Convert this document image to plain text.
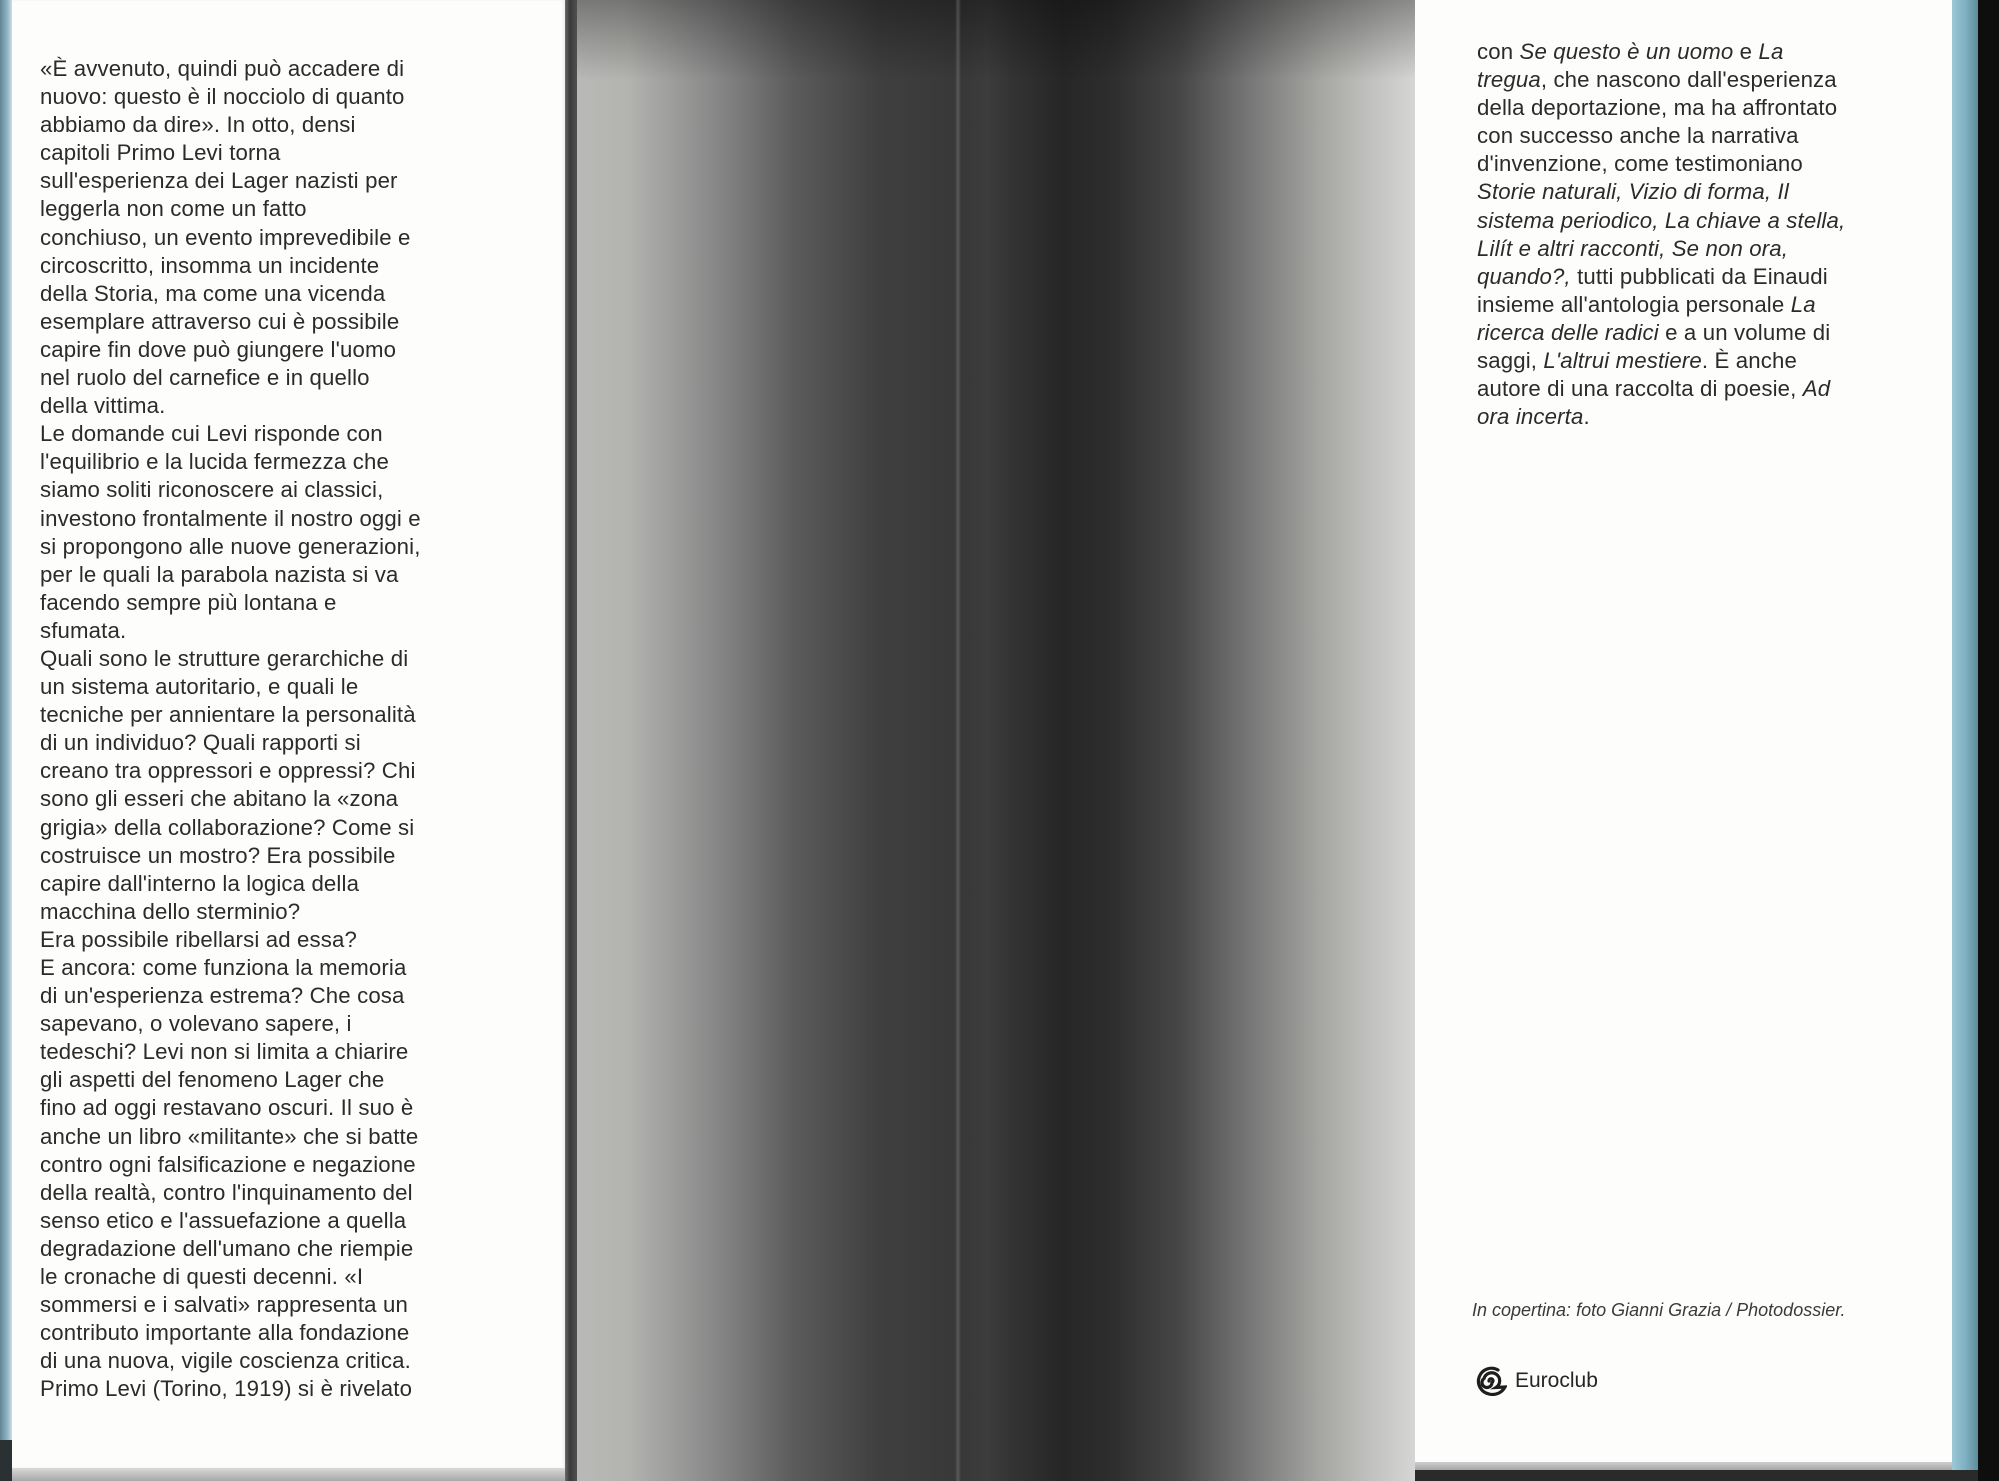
«È avvenuto, quindi può accadere di
nuovo: questo è il nocciolo di quanto
abbiamo da dire». In otto, densi
capitoli Primo Levi torna
sull'esperienza dei Lager nazisti per
leggerla non come un fatto
conchiuso, un evento imprevedibile e
circoscritto, insomma un incidente
della Storia, ma come una vicenda
esemplare attraverso cui è possibile
capire fin dove può giungere l'uomo
nel ruolo del carnefice e in quello
della vittima.
Le domande cui Levi risponde con
l'equilibrio e la lucida fermezza che
siamo soliti riconoscere ai classici,
investono frontalmente il nostro oggi e
si propongono alle nuove generazioni,
per le quali la parabola nazista si va
facendo sempre più lontana e
sfumata.
Quali sono le strutture gerarchiche di
un sistema autoritario, e quali le
tecniche per annientare la personalità
di un individuo? Quali rapporti si
creano tra oppressori e oppressi? Chi
sono gli esseri che abitano la «zona
grigia» della collaborazione? Come si
costruisce un mostro? Era possibile
capire dall'interno la logica della
macchina dello sterminio?
Era possibile ribellarsi ad essa?
E ancora: come funziona la memoria
di un'esperienza estrema? Che cosa
sapevano, o volevano sapere, i
tedeschi? Levi non si limita a chiarire
gli aspetti del fenomeno Lager che
fino ad oggi restavano oscuri. Il suo è
anche un libro «militante» che si batte
contro ogni falsificazione e negazione
della realtà, contro l'inquinamento del
senso etico e l'assuefazione a quella
degradazione dell'umano che riempie
le cronache di questi decenni. «I
sommersi e i salvati» rappresenta un
contributo importante alla fondazione
di una nuova, vigile coscienza critica.
Primo Levi (Torino, 1919) si è rivelato
con Se questo è un uomo e La
tregua, che nascono dall'esperienza
della deportazione, ma ha affrontato
con successo anche la narrativa
d'invenzione, come testimoniano
Storie naturali, Vizio di forma, Il
sistema periodico, La chiave a stella,
Lilít e altri racconti, Se non ora,
quando?, tutti pubblicati da Einaudi
insieme all'antologia personale La
ricerca delle radici e a un volume di
saggi, L'altrui mestiere. È anche
autore di una raccolta di poesie, Ad
ora incerta.
In copertina: foto Gianni Grazia / Photodossier.
Euroclub
